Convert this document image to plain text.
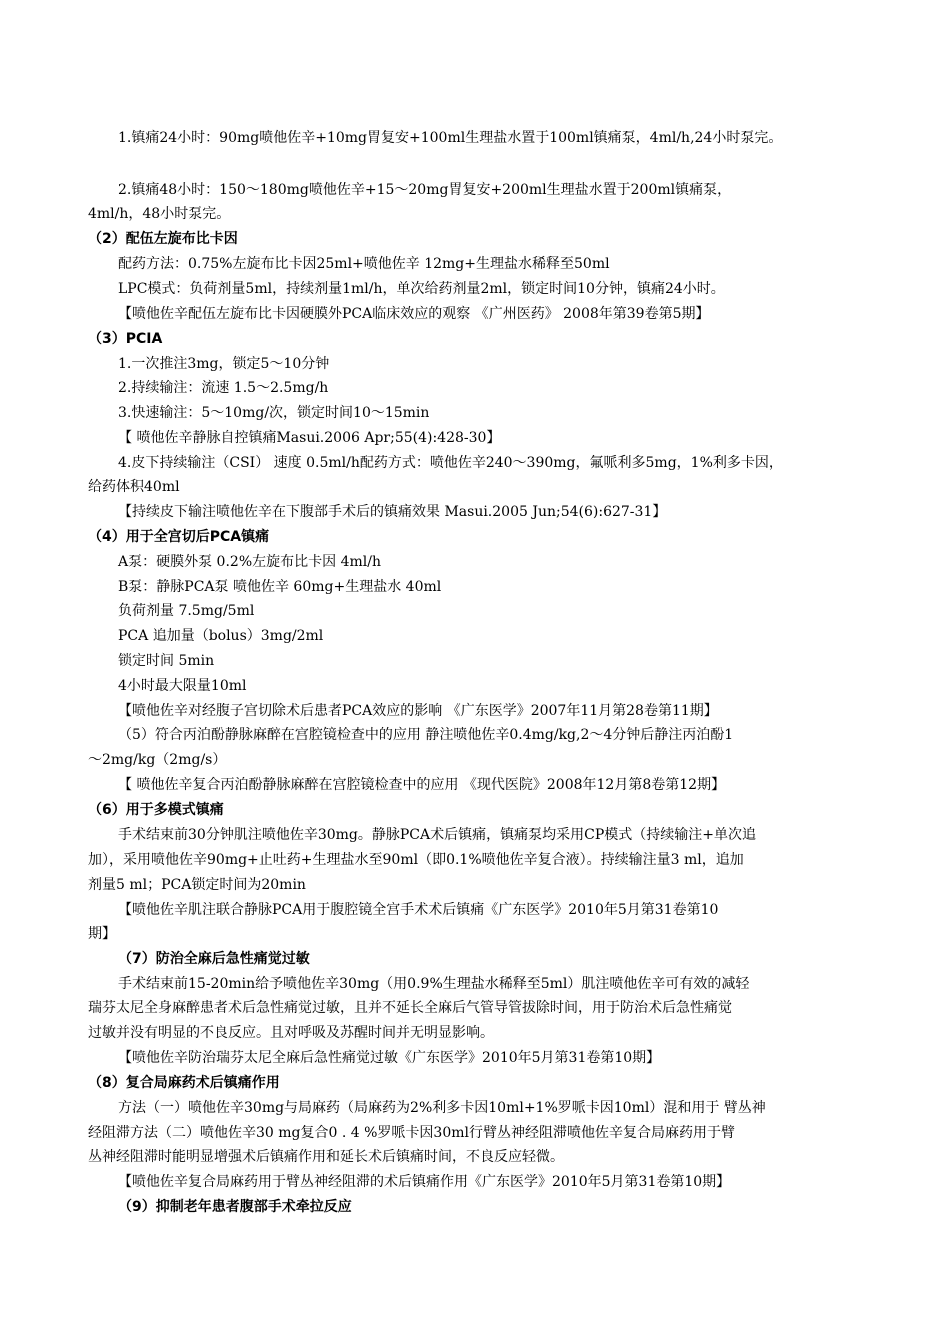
1.镇痛24小时：90mg喷他佐辛+10mg胃复安+100ml生理盐水置于100ml镇痛泵，4ml/h,24小时泵完。
2.镇痛48小时：150～180mg喷他佐辛+15～20mg胃复安+200ml生理盐水置于200ml镇痛泵，
4ml/h，48小时泵完。
（2）配伍左旋布比卡因
配药方法：0.75%左旋布比卡因25ml+喷他佐辛 12mg+生理盐水稀释至50ml
LPC模式：负荷剂量5ml，持续剂量1ml/h，单次给药剂量2ml，锁定时间10分钟，镇痛24小时。
【喷他佐辛配伍左旋布比卡因硬膜外PCA临床效应的观察 《广州医药》 2008年第39卷第5期】
（3）PCIA
1.一次推注3mg，锁定5～10分钟
2.持续输注：流速 1.5～2.5mg/h
3.快速输注：5～10mg/次，锁定时间10～15min
【 喷他佐辛静脉自控镇痛Masui.2006 Apr;55(4):428-30】
4.皮下持续输注（CSI） 速度 0.5ml/h配药方式：喷他佐辛240～390mg，氟哌利多5mg，1%利多卡因，
给药体积40ml
【持续皮下输注喷他佐辛在下腹部手术后的镇痛效果 Masui.2005 Jun;54(6):627-31】
（4）用于全宫切后PCA镇痛
A泵：硬膜外泵 0.2%左旋布比卡因 4ml/h
B泵：静脉PCA泵 喷他佐辛 60mg+生理盐水 40ml
负荷剂量 7.5mg/5ml
PCA 追加量（bolus）3mg/2ml
锁定时间 5min
4小时最大限量10ml
【喷他佐辛对经腹子宫切除术后患者PCA效应的影响 《广东医学》2007年11月第28卷第11期】
（5）符合丙泊酚静脉麻醉在宫腔镜检查中的应用 静注喷他佐辛0.4mg/kg,2～4分钟后静注丙泊酚1
～2mg/kg（2mg/s）
【 喷他佐辛复合丙泊酚静脉麻醉在宫腔镜检查中的应用 《现代医院》2008年12月第8卷第12期】
（6）用于多模式镇痛
手术结束前30分钟肌注喷他佐辛30mg。静脉PCA术后镇痛，镇痛泵均采用CP模式（持续输注+单次追
加），采用喷他佐辛90mg+止吐药+生理盐水至90ml（即0.1%喷他佐辛复合液）。持续输注量3 ml，追加
剂量5 ml；PCA锁定时间为20min
【喷他佐辛肌注联合静脉PCA用于腹腔镜全宫手术术后镇痛《广东医学》2010年5月第31卷第10
期】
（7）防治全麻后急性痛觉过敏
手术结束前15-20min给予喷他佐辛30mg（用0.9%生理盐水稀释至5ml）肌注喷他佐辛可有效的减轻
瑞芬太尼全身麻醉患者术后急性痛觉过敏，且并不延长全麻后气管导管拔除时间，用于防治术后急性痛觉
过敏并没有明显的不良反应。且对呼吸及苏醒时间并无明显影响。
【喷他佐辛防治瑞芬太尼全麻后急性痛觉过敏《广东医学》2010年5月第31卷第10期】
（8）复合局麻药术后镇痛作用
方法（一）喷他佐辛30mg与局麻药（局麻药为2%利多卡因10ml+1%罗哌卡因10ml）混和用于 臂丛神
经阻滞方法（二）喷他佐辛30 mg复合0 . 4 %罗哌卡因30ml行臂丛神经阻滞喷他佐辛复合局麻药用于臂
丛神经阻滞时能明显增强术后镇痛作用和延长术后镇痛时间，不良反应轻微。
【喷他佐辛复合局麻药用于臂丛神经阻滞的术后镇痛作用《广东医学》2010年5月第31卷第10期】
（9）抑制老年患者腹部手术牵拉反应
